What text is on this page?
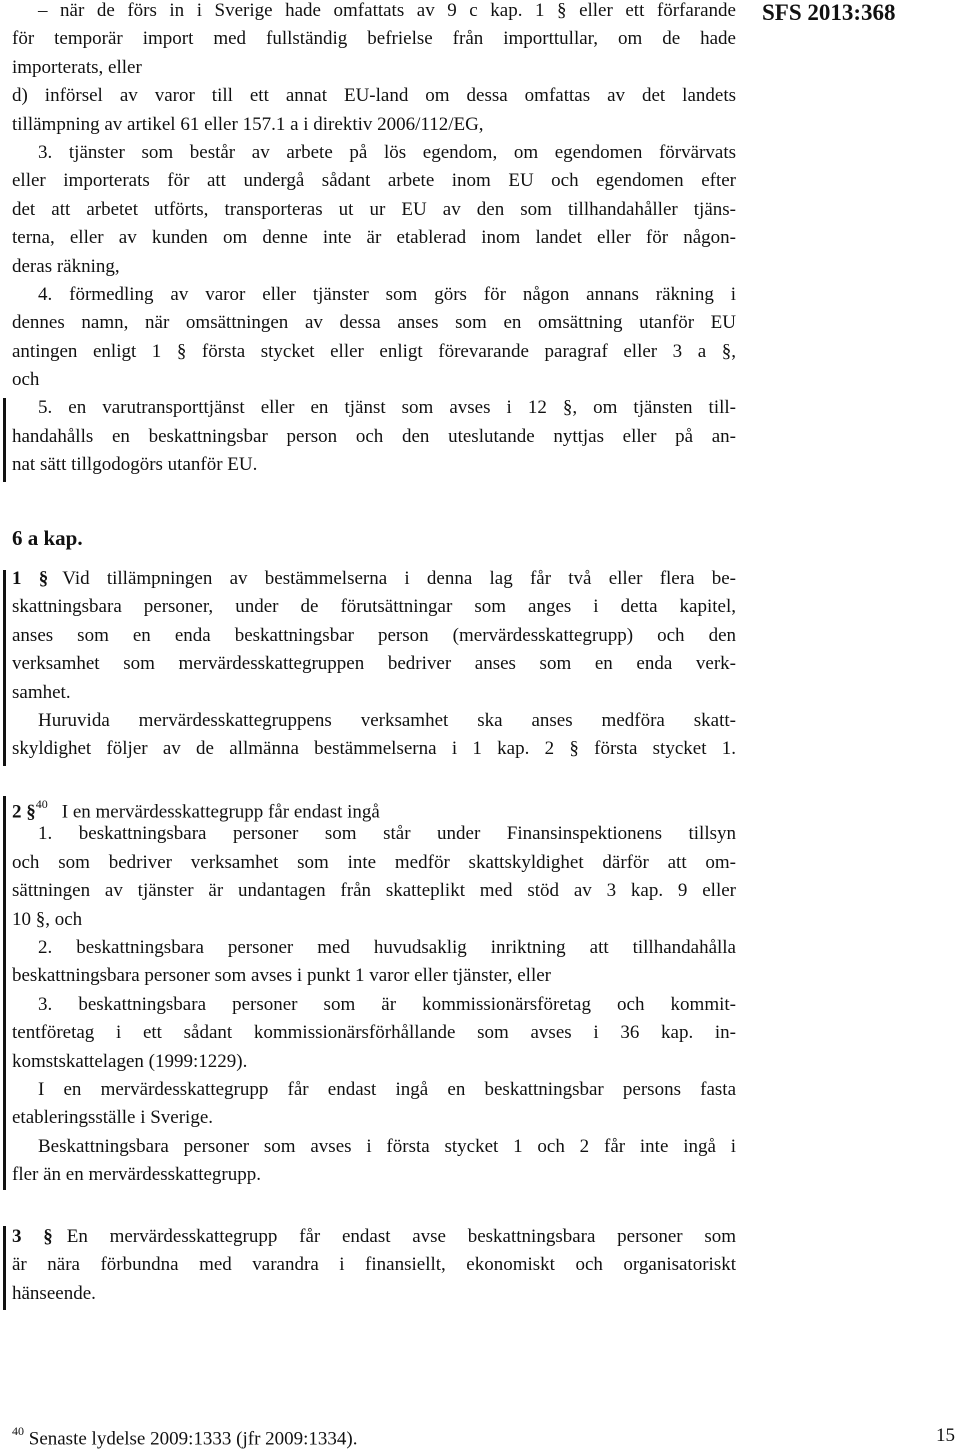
SFS 2013:368
– när de förs in i Sverige hade omfattats av 9 c kap. 1 § eller ett förfarande
för temporär import med fullständig befrielse från importtullar, om de hade
importerats, eller
d) införsel av varor till ett annat EU-land om dessa omfattas av det landets
tillämpning av artikel 61 eller 157.1 a i direktiv 2006/112/EG,
3. tjänster som består av arbete på lös egendom, om egendomen förvärvats
eller importerats för att undergå sådant arbete inom EU och egendomen efter
det att arbetet utförts, transporteras ut ur EU av den som tillhandahåller tjäns-
terna, eller av kunden om denne inte är etablerad inom landet eller för någon-
deras räkning,
4. förmedling av varor eller tjänster som görs för någon annans räkning i
dennes namn, när omsättningen av dessa anses som en omsättning utanför EU
antingen enligt 1 § första stycket eller enligt förevarande paragraf eller 3 a §,
och
5. en varutransporttjänst eller en tjänst som avses i 12 §, om tjänsten till-
handahålls en beskattningsbar person och den uteslutande nyttjas eller på an-
nat sätt tillgodogörs utanför EU.
6 a kap.
1 § Vid tillämpningen av bestämmelserna i denna lag får två eller flera be-
skattningsbara personer, under de förutsättningar som anges i detta kapitel,
anses som en enda beskattningsbar person (mervärdesskattegrupp) och den
verksamhet som mervärdesskattegruppen bedriver anses som en enda verk-
samhet.
Huruvida mervärdesskattegruppens verksamhet ska anses medföra skatt-
skyldighet följer av de allmänna bestämmelserna i 1 kap. 2 § första stycket 1.
2 §$^{40}$ I en mervärdesskattegrupp får endast ingå
1. beskattningsbara personer som står under Finansinspektionens tillsyn
och som bedriver verksamhet som inte medför skattskyldighet därför att om-
sättningen av tjänster är undantagen från skatteplikt med stöd av 3 kap. 9 eller
10 §, och
2. beskattningsbara personer med huvudsaklig inriktning att tillhandahålla
beskattningsbara personer som avses i punkt 1 varor eller tjänster, eller
3. beskattningsbara personer som är kommissionärsföretag och kommit-
tentföretag i ett sådant kommissionärsförhållande som avses i 36 kap. in-
komstskattelagen (1999:1229).
I en mervärdesskattegrupp får endast ingå en beskattningsbar persons fasta
etableringsställe i Sverige.
Beskattningsbara personer som avses i första stycket 1 och 2 får inte ingå i
fler än en mervärdesskattegrupp.
3 § En mervärdesskattegrupp får endast avse beskattningsbara personer som
är nära förbundna med varandra i finansiellt, ekonomiskt och organisatoriskt
hänseende.
$^{40}$ Senaste lydelse 2009:1333 (jfr 2009:1334).	15
